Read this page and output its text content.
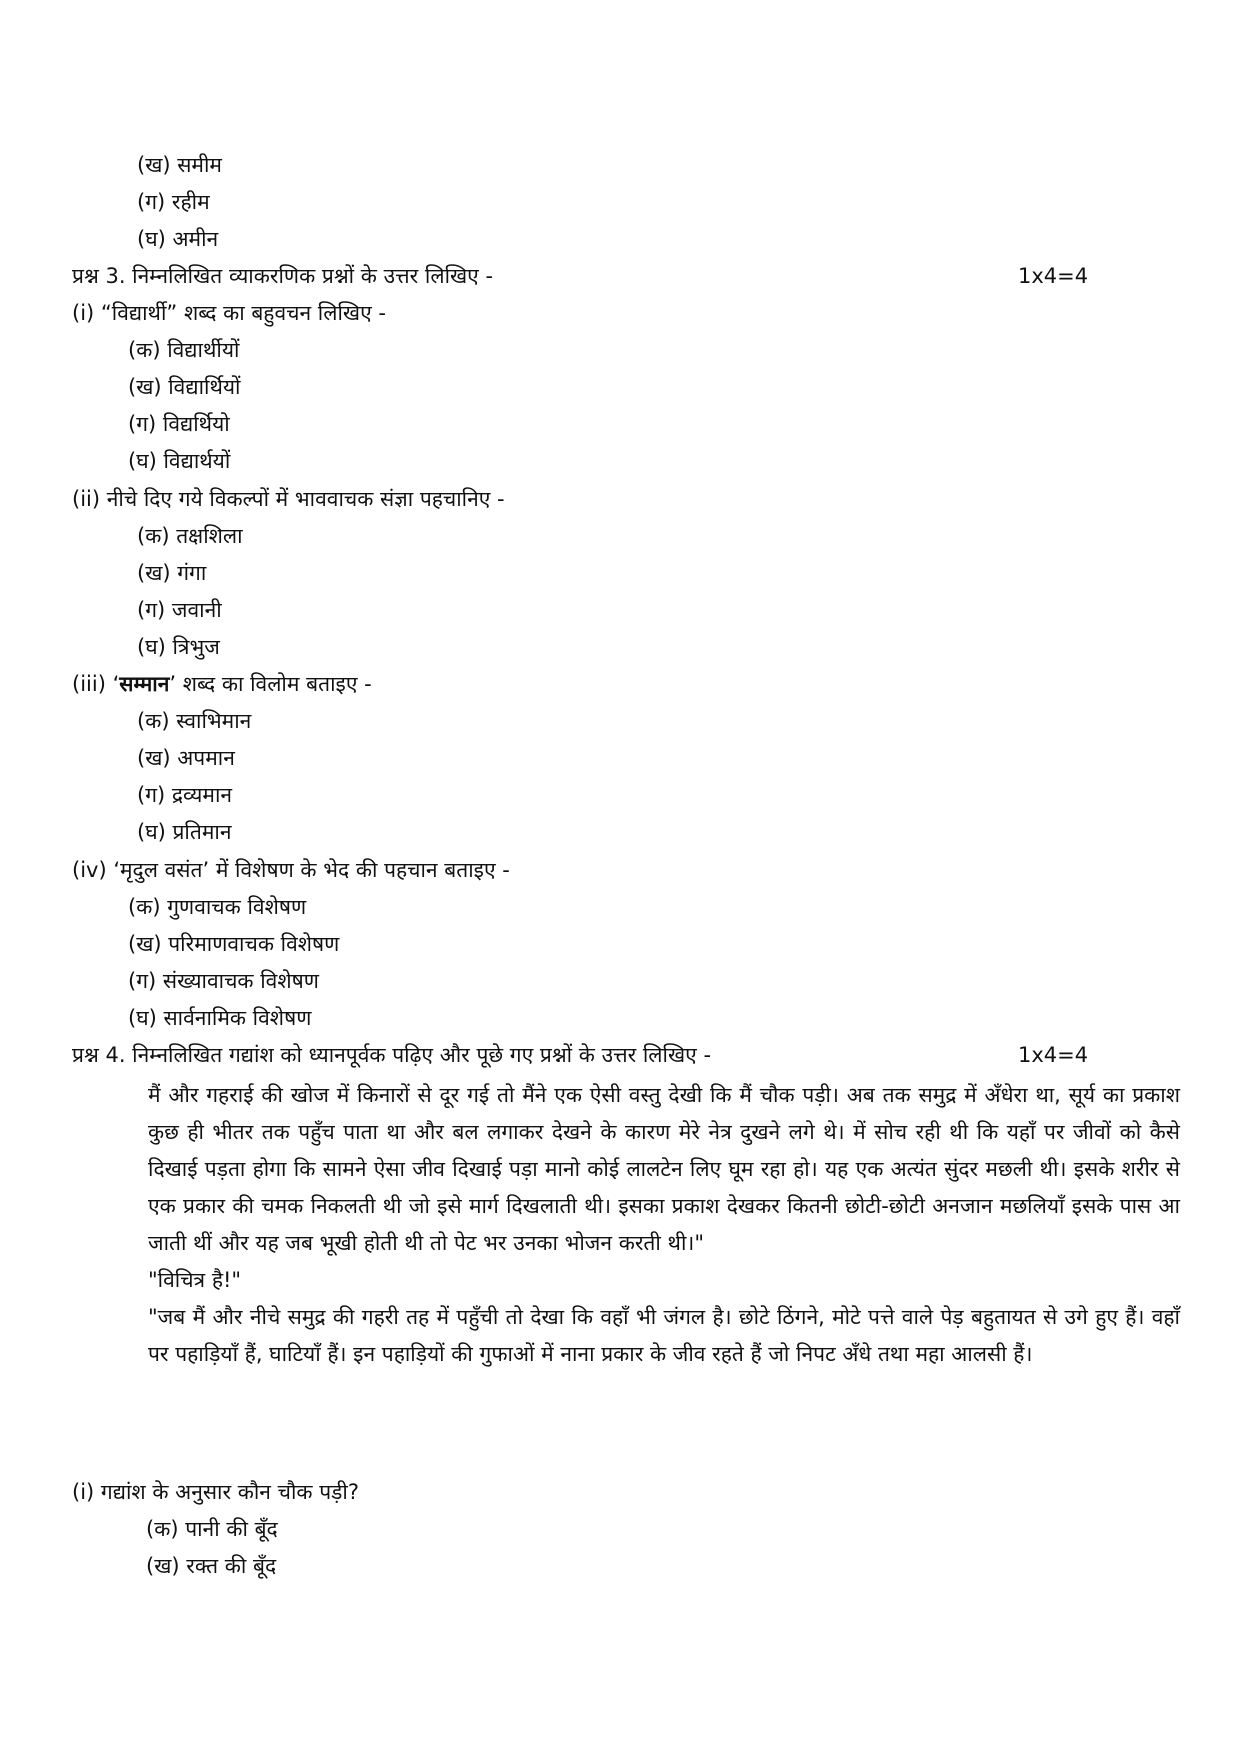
(ख) समीम
(ग) रहीम
(घ) अमीन
प्रश्न 3. निम्नलिखित व्याकरणिक प्रश्नों के उत्तर लिखिए -	1x4=4
(i) “विद्यार्थी” शब्द का बहुवचन लिखिए -
(क) विद्यार्थीयों
(ख) विद्यार्थियों
(ग) विद्यर्थियो
(घ) विद्यार्थयों
(ii) नीचे दिए गये विकल्पों में भाववाचक संज्ञा पहचानिए -
(क) तक्षशिला
(ख) गंगा
(ग) जवानी
(घ) त्रिभुज
(iii) ‘सम्मान’ शब्द का विलोम बताइए -
(क) स्वाभिमान
(ख) अपमान
(ग) द्रव्यमान
(घ) प्रतिमान
(iv) ‘मृदुल वसंत’ में विशेषण के भेद की पहचान बताइए -
(क) गुणवाचक विशेषण
(ख) परिमाणवाचक विशेषण
(ग) संख्यावाचक विशेषण
(घ) सार्वनामिक विशेषण
प्रश्न 4. निम्नलिखित गद्यांश को ध्यानपूर्वक पढ़िए और पूछे गए प्रश्नों के उत्तर लिखिए -	1x4=4

मैं और गहराई की खोज में किनारों से दूर गई तो मैंने एक ऐसी वस्तु देखी कि मैं चौक पड़ी। अब तक समुद्र में अँधेरा था, सूर्य का प्रकाश कुछ ही भीतर तक पहुँच पाता था और बल लगाकर देखने के कारण मेरे नेत्र दुखने लगे थे। में सोच रही थी कि यहाँ पर जीवों को कैसे दिखाई पड़ता होगा कि सामने ऐसा जीव दिखाई पड़ा मानो कोई लालटेन लिए घूम रहा हो। यह एक अत्यंत सुंदर मछली थी। इसके शरीर से एक प्रकार की चमक निकलती थी जो इसे मार्ग दिखलाती थी। इसका प्रकाश देखकर कितनी छोटी-छोटी अनजान मछलियाँ इसके पास आ जाती थीं और यह जब भूखी होती थी तो पेट भर उनका भोजन करती थी।"

"विचित्र है!"

"जब मैं और नीचे समुद्र की गहरी तह में पहुँची तो देखा कि वहाँ भी जंगल है। छोटे ठिंगने, मोटे पत्ते वाले पेड़ बहुतायत से उगे हुए हैं। वहाँ पर पहाड़ियाँ हैं, घाटियाँ हैं। इन पहाड़ियों की गुफाओं में नाना प्रकार के जीव रहते हैं जो निपट अँधे तथा महा आलसी हैं।

(i) गद्यांश के अनुसार कौन चौक पड़ी?
(क) पानी की बूँद
(ख) रक्त की बूँद
